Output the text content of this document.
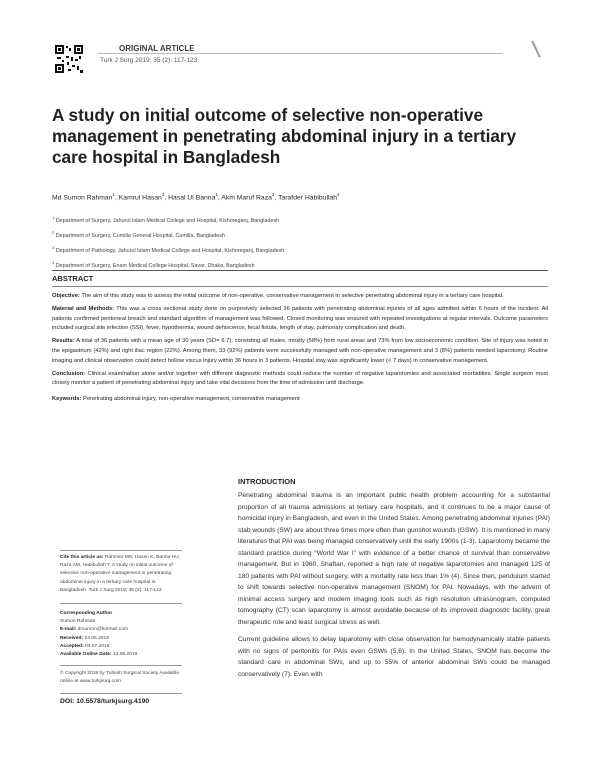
ORIGINAL ARTICLE
Turk J Surg 2019; 35 (2): 117-123
A study on initial outcome of selective non-operative management in penetrating abdominal injury in a tertiary care hospital in Bangladesh
Md Sumon Rahman$^1$, Kamrul Hasan$^2$, Hasal Ul Banna$^1$, Akm Maruf Raza$^3$, Tarafder Habibullah$^4$
$^1$ Department of Surgery, Jahurul Islam Medical College and Hospital, Kishoreganj, Bangladesh
$^2$ Department of Surgery, Cumilla General Hospital, Cumilla, Bangladesh
$^3$ Department of Pathology, Jahurul Islam Medical College and Hospital, Kishoreganj, Bangladesh
$^4$ Department of Surgery, Enam Medical College Hospital, Savar, Dhaka, Bangladesh
ABSTRACT

Objective: The aim of this study was to assess the initial outcome of non-operative, conservative management in selective penetrating abdominal injury in a tertiary care hospital.

Material and Methods: This was a cross sectional study done on purposively selected 36 patients with penetrating abdominal injuries of all ages admitted within 6 hours of the incident. All patients confirmed peritoneal breach and standard algorithm of management was followed. Closed monitoring was ensured with repeated investigations at regular intervals. Outcome parameters included surgical site infection (SSI), fever, hypothermia, wound dehiscence, fecal fistula, length of stay, pulmonary complication and death.

Results: A total of 36 patients with a mean age of 30 years (SD= 6.7), consisting all males, mostly (58%) from rural areas and 73% from low socioeconomic condition. Site of injury was noted in the epigastrium (42%) and right iliac region (22%). Among them, 33 (92%) patients were successfully managed with non-operative management and 3 (8%) patients needed laparotomy. Routine imaging and clinical observation could detect hollow viscus injury within 36 hours in 3 patients. Hospital stay was significantly lower (< 7 days) in conservative management.

Conclusion: Clinical examination alone and/or together with different diagnostic methods could reduce the number of negative laparotomies and associated morbidities. Single surgeon must closely monitor a patient of penetrating abdominal injury and take vital decisions from the time of admission until discharge.

Keywords: Penetrating abdominal injury, non-operative management, conservative management

INTRODUCTION

Penetrating abdominal trauma is an important public health problem accounting for a substantial proportion of all trauma admissions at tertiary care hospitals, and it continues to be a major cause of homicidal injury in Bangladesh, and even in the United States. Among penetrating abdominal injuries (PAI) stab wounds (SW) are about three times more often than gunshot wounds (GSW). It is mentioned in many literatures that PAI was being managed conservatively until the early 1900s (1-3). Laparotomy became the standard practice during “World War I” with evidence of a better chance of survival than conservative management. But in 1960, Shaftan, reported a high rate of negative laparotomies and managed 125 of 180 patients with PAI without surgery, with a mortality rate less than 1% (4). Since then, pendulum started to shift towards selective non-operative management (SNOM) for PAI. Nowadays, with the advent of minimal access surgery and modern imaging tools such as high resolution ultrasonogram, computed tomography (CT) scan laparotomy is almost avoidable because of its improved diagnostic facility, great therapeutic role and least surgical stress as well.

Current guideline allows to delay laparotomy with close observation for hemodynamically stable patients with no signs of peritonitis for PAIs even GSWs (5,6). In the United States, SNOM has become the standard care in abdominal SWs, and up to 55% of anterior abdominal SWs could be managed conservatively (7). Even with

Cite this article as: Rahman MS, Hasan K, Banna HU, Raza AM, Habibullah T. A study on initial outcome of selective non-operative management in penetrating abdominal injury in a tertiary care hospital in Bangladesh. Turk J Surg 2019; 35 (2): 117-123
Corresponding Author
Sumon Rahman
E-mail: drsumon@hotmail.com
Received: 24.05.2018
Accepted: 03.07.2018
Available Online Date: 13.06.2019
© Copyright 2019 by Turkish Surgical Society Available online at www.turkjsurg.com
DOI: 10.5578/turkjsurg.4190
